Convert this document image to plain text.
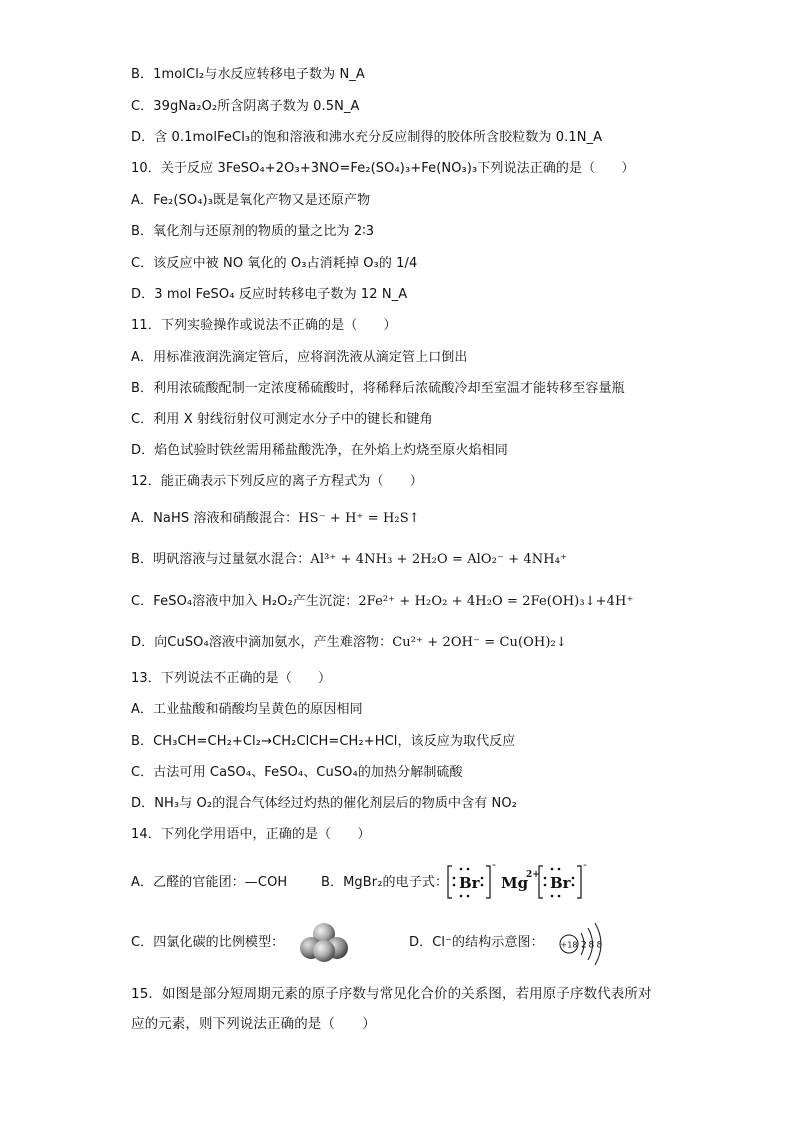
B．1molCl₂与水反应转移电子数为 N_A
C．39gNa₂O₂所含阴离子数为 0.5N_A
D．含 0.1molFeCl₃的饱和溶液和沸水充分反应制得的胶体所含胶粒数为 0.1N_A
10．关于反应 3FeSO₄+2O₃+3NO=Fe₂(SO₄)₃+Fe(NO₃)₃下列说法正确的是（　　）
A．Fe₂(SO₄)₃既是氧化产物又是还原产物
B．氧化剂与还原剂的物质的量之比为 2∶3
C．该反应中被 NO 氧化的 O₃占消耗掉 O₃的 1/4
D．3 mol FeSO₄ 反应时转移电子数为 12 N_A
11．下列实验操作或说法不正确的是（　　）
A．用标准液润洗滴定管后，应将润洗液从滴定管上口倒出
B．利用浓硫酸配制一定浓度稀硫酸时，将稀释后浓硫酸冷却至室温才能转移至容量瓶
C．利用 X 射线衍射仪可测定水分子中的键长和键角
D．焰色试验时铁丝需用稀盐酸洗净，在外焰上灼烧至原火焰相同
12．能正确表示下列反应的离子方程式为（　　）
A．NaHS 溶液和硝酸混合：HS⁻ + H⁺ = H₂S↑
B．明矾溶液与过量氨水混合：Al³⁺ + 4NH₃ + 2H₂O = AlO₂⁻ + 4NH₄⁺
C．FeSO₄溶液中加入 H₂O₂产生沉淀：2Fe²⁺ + H₂O₂ + 4H₂O = 2Fe(OH)₃↓+4H⁺
D．向CuSO₄溶液中滴加氨水，产生难溶物：Cu²⁺ + 2OH⁻ = Cu(OH)₂↓
13．下列说法不正确的是（　　）
A．工业盐酸和硝酸均呈黄色的原因相同
B．CH₃CH=CH₂+Cl₂→CH₂ClCH=CH₂+HCl，该反应为取代反应
C．古法可用 CaSO₄、FeSO₄、CuSO₄的加热分解制硫酸
D．NH₃与 O₂的混合气体经过灼热的催化剂层后的物质中含有 NO₂
14．下列化学用语中，正确的是（　　）
A．乙醛的官能团：—COH	B．MgBr₂的电子式： Br
-
Mg
2+ Br
-
C．四氯化碳的比例模型：	D．Cl⁻的结构示意图： +18 2 8 8
15．如图是部分短周期元素的原子序数与常见化合价的关系图，若用原子序数代表所对
应的元素，则下列说法正确的是（　　）
